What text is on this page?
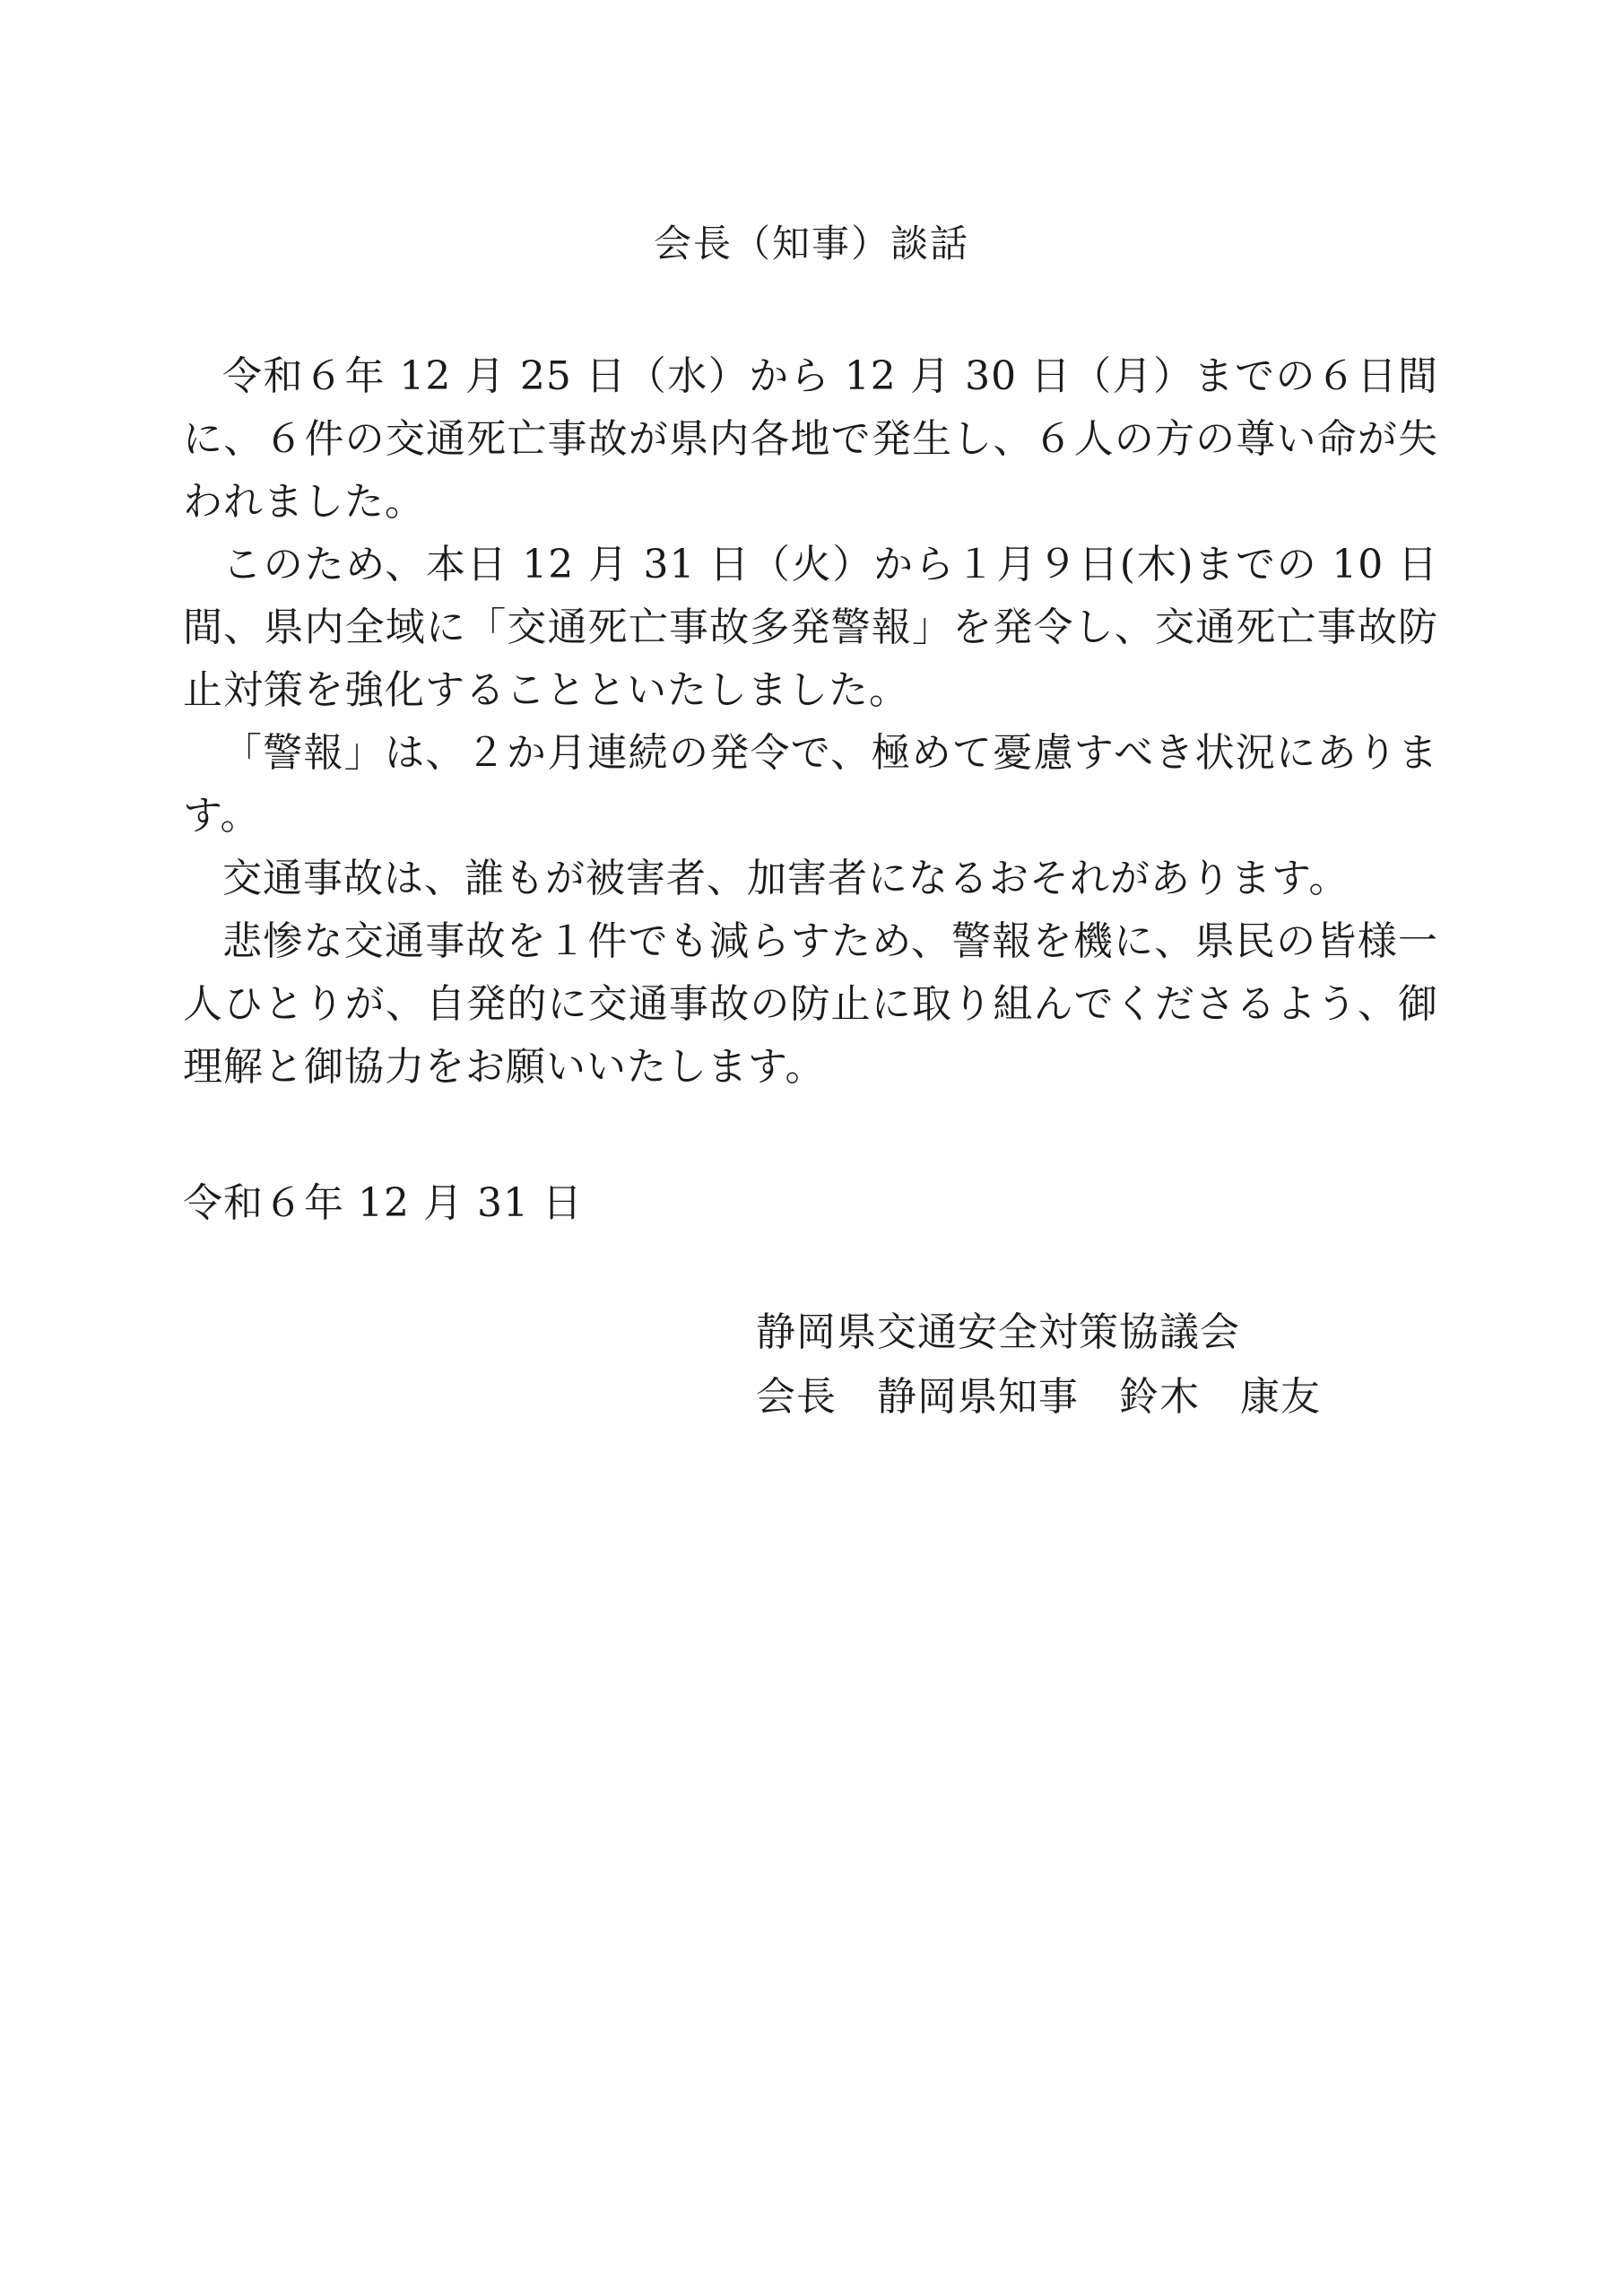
会長（知事）談話

令和６年 12 月 25 日（水）から 12 月 30 日（月）までの６日間に、６件の交通死亡事故が県内各地で発生し、６人の方の尊い命が失われました。

このため、本日 12 月 31 日（火）から１月９日(木)までの 10 日間、県内全域に「交通死亡事故多発警報」を発令し、交通死亡事故防止対策を強化することといたしました。

「警報」は、２か月連続の発令で、極めて憂慮すべき状況にあります。

交通事故は、誰もが被害者、加害者になるおそれがあります。

悲惨な交通事故を１件でも減らすため、警報を機に、県民の皆様一人ひとりが、自発的に交通事故の防止に取り組んでくださるよう、御理解と御協力をお願いいたします。

令和６年 12 月 31 日
静岡県交通安全対策協議会
会長　静岡県知事　鈴木　康友
